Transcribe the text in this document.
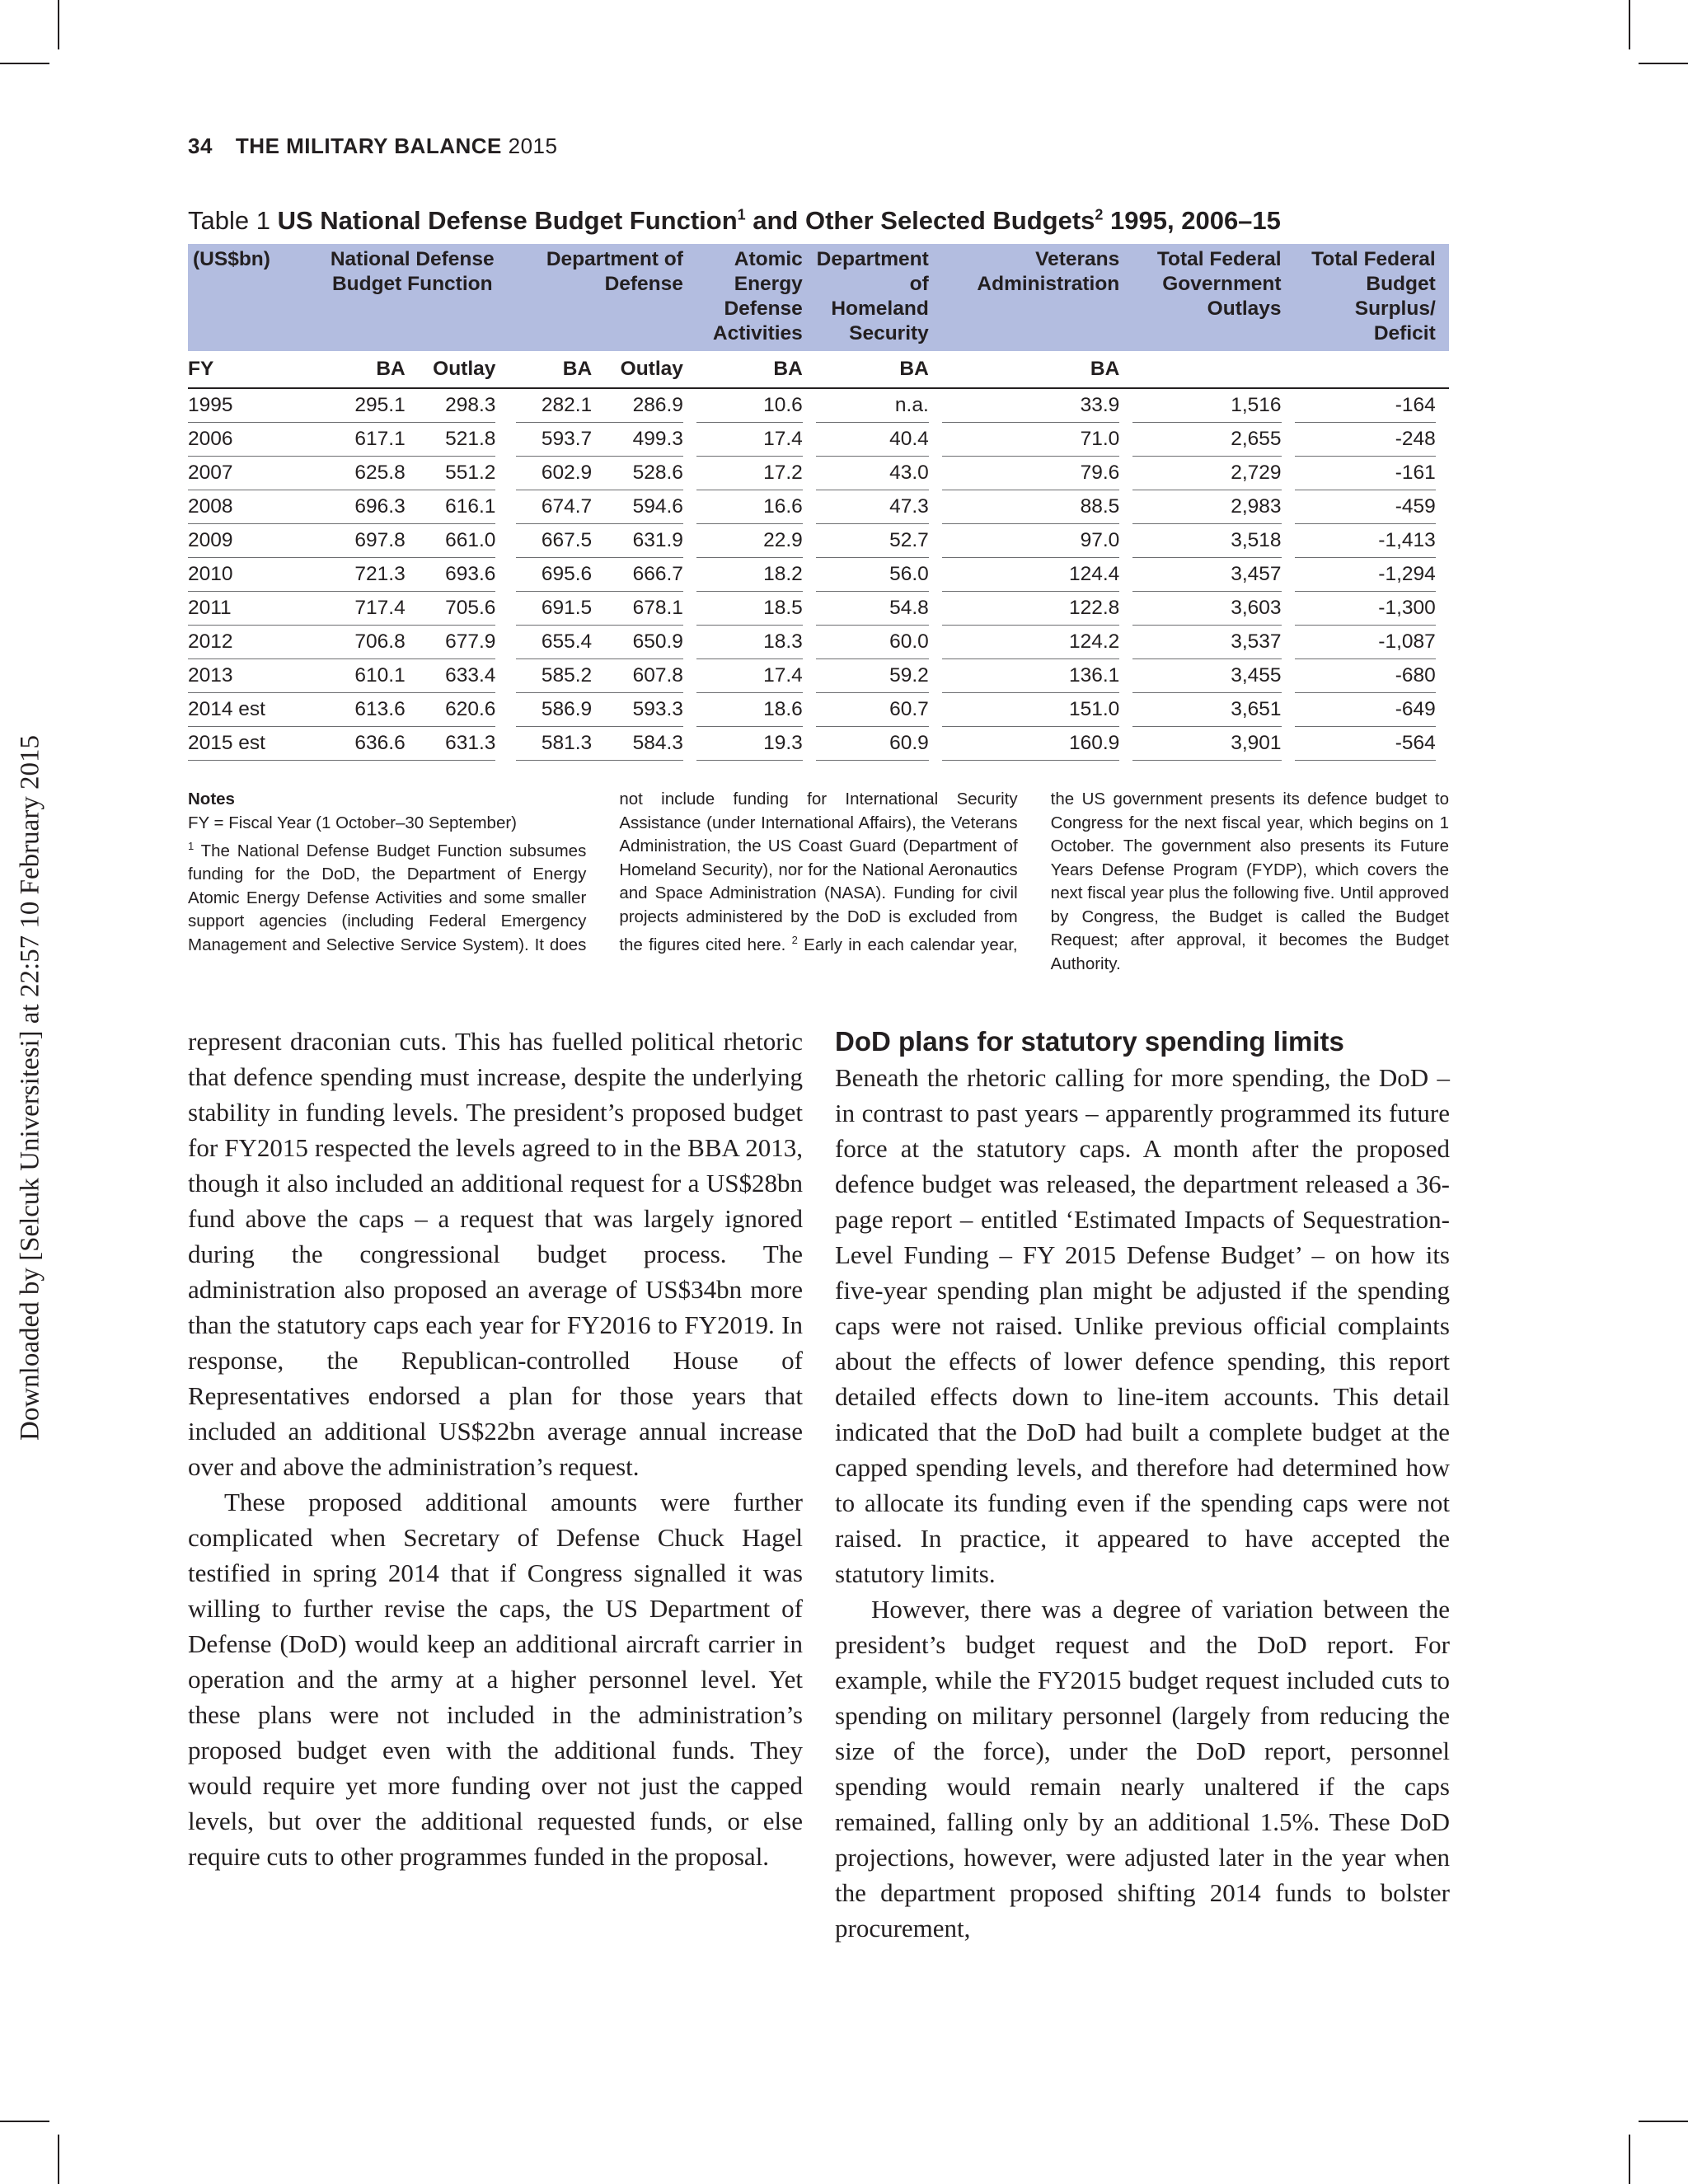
Downloaded by [Selcuk Universitesi] at 22:57 10 February 2015
34 THE MILITARY BALANCE 2015
Table 1 US National Defense Budget Function$^1$ and Other Selected Budgets$^2$ 1995, 2006–15
(US$bn)	National Defense Budget Function			Department of Defense			Atomic Energy Defense Activities		Department of Homeland Security		Veterans Administration		Total Federal Government Outlays		Total Federal Budget Surplus/ Deficit	
FY	BA	Outlay		BA	Outlay		BA		BA		BA					
1995	295.1	298.3		282.1	286.9		10.6		n.a.		33.9		1,516		-164	
2006	617.1	521.8		593.7	499.3		17.4		40.4		71.0		2,655		-248	
2007	625.8	551.2		602.9	528.6		17.2		43.0		79.6		2,729		-161	
2008	696.3	616.1		674.7	594.6		16.6		47.3		88.5		2,983		-459	
2009	697.8	661.0		667.5	631.9		22.9		52.7		97.0		3,518		-1,413	
2010	721.3	693.6		695.6	666.7		18.2		56.0		124.4		3,457		-1,294	
2011	717.4	705.6		691.5	678.1		18.5		54.8		122.8		3,603		-1,300	
2012	706.8	677.9		655.4	650.9		18.3		60.0		124.2		3,537		-1,087	
2013	610.1	633.4		585.2	607.8		17.4		59.2		136.1		3,455		-680	
2014 est	613.6	620.6		586.9	593.3		18.6		60.7		151.0		3,651		-649	
2015 est	636.6	631.3		581.3	584.3		19.3		60.9		160.9		3,901		-564	

Notes

FY = Fiscal Year (1 October–30 September)

$^1$ The National Defense Budget Function subsumes funding for the DoD, the Department of Energy Atomic Energy Defense Activities and some smaller support agencies (including Federal Emergency Management and Selective Service System). It does not include funding for International Security Assistance (under International Affairs), the Veterans Administration, the US Coast Guard (Department of Homeland Security), nor for the National Aeronautics and Space Administration (NASA). Funding for civil projects administered by the DoD is excluded from the figures cited here. $^2$ Early in each calendar year, the US government presents its defence budget to Congress for the next fiscal year, which begins on 1 October. The government also presents its Future Years Defense Program (FYDP), which covers the next fiscal year plus the following five. Until approved by Congress, the Budget is called the Budget Request; after approval, it becomes the Budget Authority.

represent draconian cuts. This has fuelled political rhetoric that defence spending must increase, despite the underlying stability in funding levels. The president’s proposed budget for FY2015 respected the levels agreed to in the BBA 2013, though it also included an additional request for a US$28bn fund above the caps – a request that was largely ignored during the congressional budget process. The administration also proposed an average of US$34bn more than the statutory caps each year for FY2016 to FY2019. In response, the Republican-controlled House of Representatives endorsed a plan for those years that included an additional US$22bn average annual increase over and above the administration’s request.

These proposed additional amounts were further complicated when Secretary of Defense Chuck Hagel testified in spring 2014 that if Congress signalled it was willing to further revise the caps, the US Department of Defense (DoD) would keep an additional aircraft carrier in operation and the army at a higher personnel level. Yet these plans were not included in the administration’s proposed budget even with the additional funds. They would require yet more funding over not just the capped levels, but over the additional requested funds, or else require cuts to other programmes funded in the proposal.

DoD plans for statutory spending limits

Beneath the rhetoric calling for more spending, the DoD – in contrast to past years – apparently programmed its future force at the statutory caps. A month after the proposed defence budget was released, the department released a 36-page report – entitled ‘Estimated Impacts of Sequestration-Level Funding – FY 2015 Defense Budget’ – on how its five-year spending plan might be adjusted if the spending caps were not raised. Unlike previous official complaints about the effects of lower defence spending, this report detailed effects down to line-item accounts. This detail indicated that the DoD had built a complete budget at the capped spending levels, and therefore had determined how to allocate its funding even if the spending caps were not raised. In practice, it appeared to have accepted the statutory limits.

However, there was a degree of variation between the president’s budget request and the DoD report. For example, while the FY2015 budget request included cuts to spending on military personnel (largely from reducing the size of the force), under the DoD report, personnel spending would remain nearly unaltered if the caps remained, falling only by an additional 1.5%. These DoD projections, however, were adjusted later in the year when the department proposed shifting 2014 funds to bolster procurement,
